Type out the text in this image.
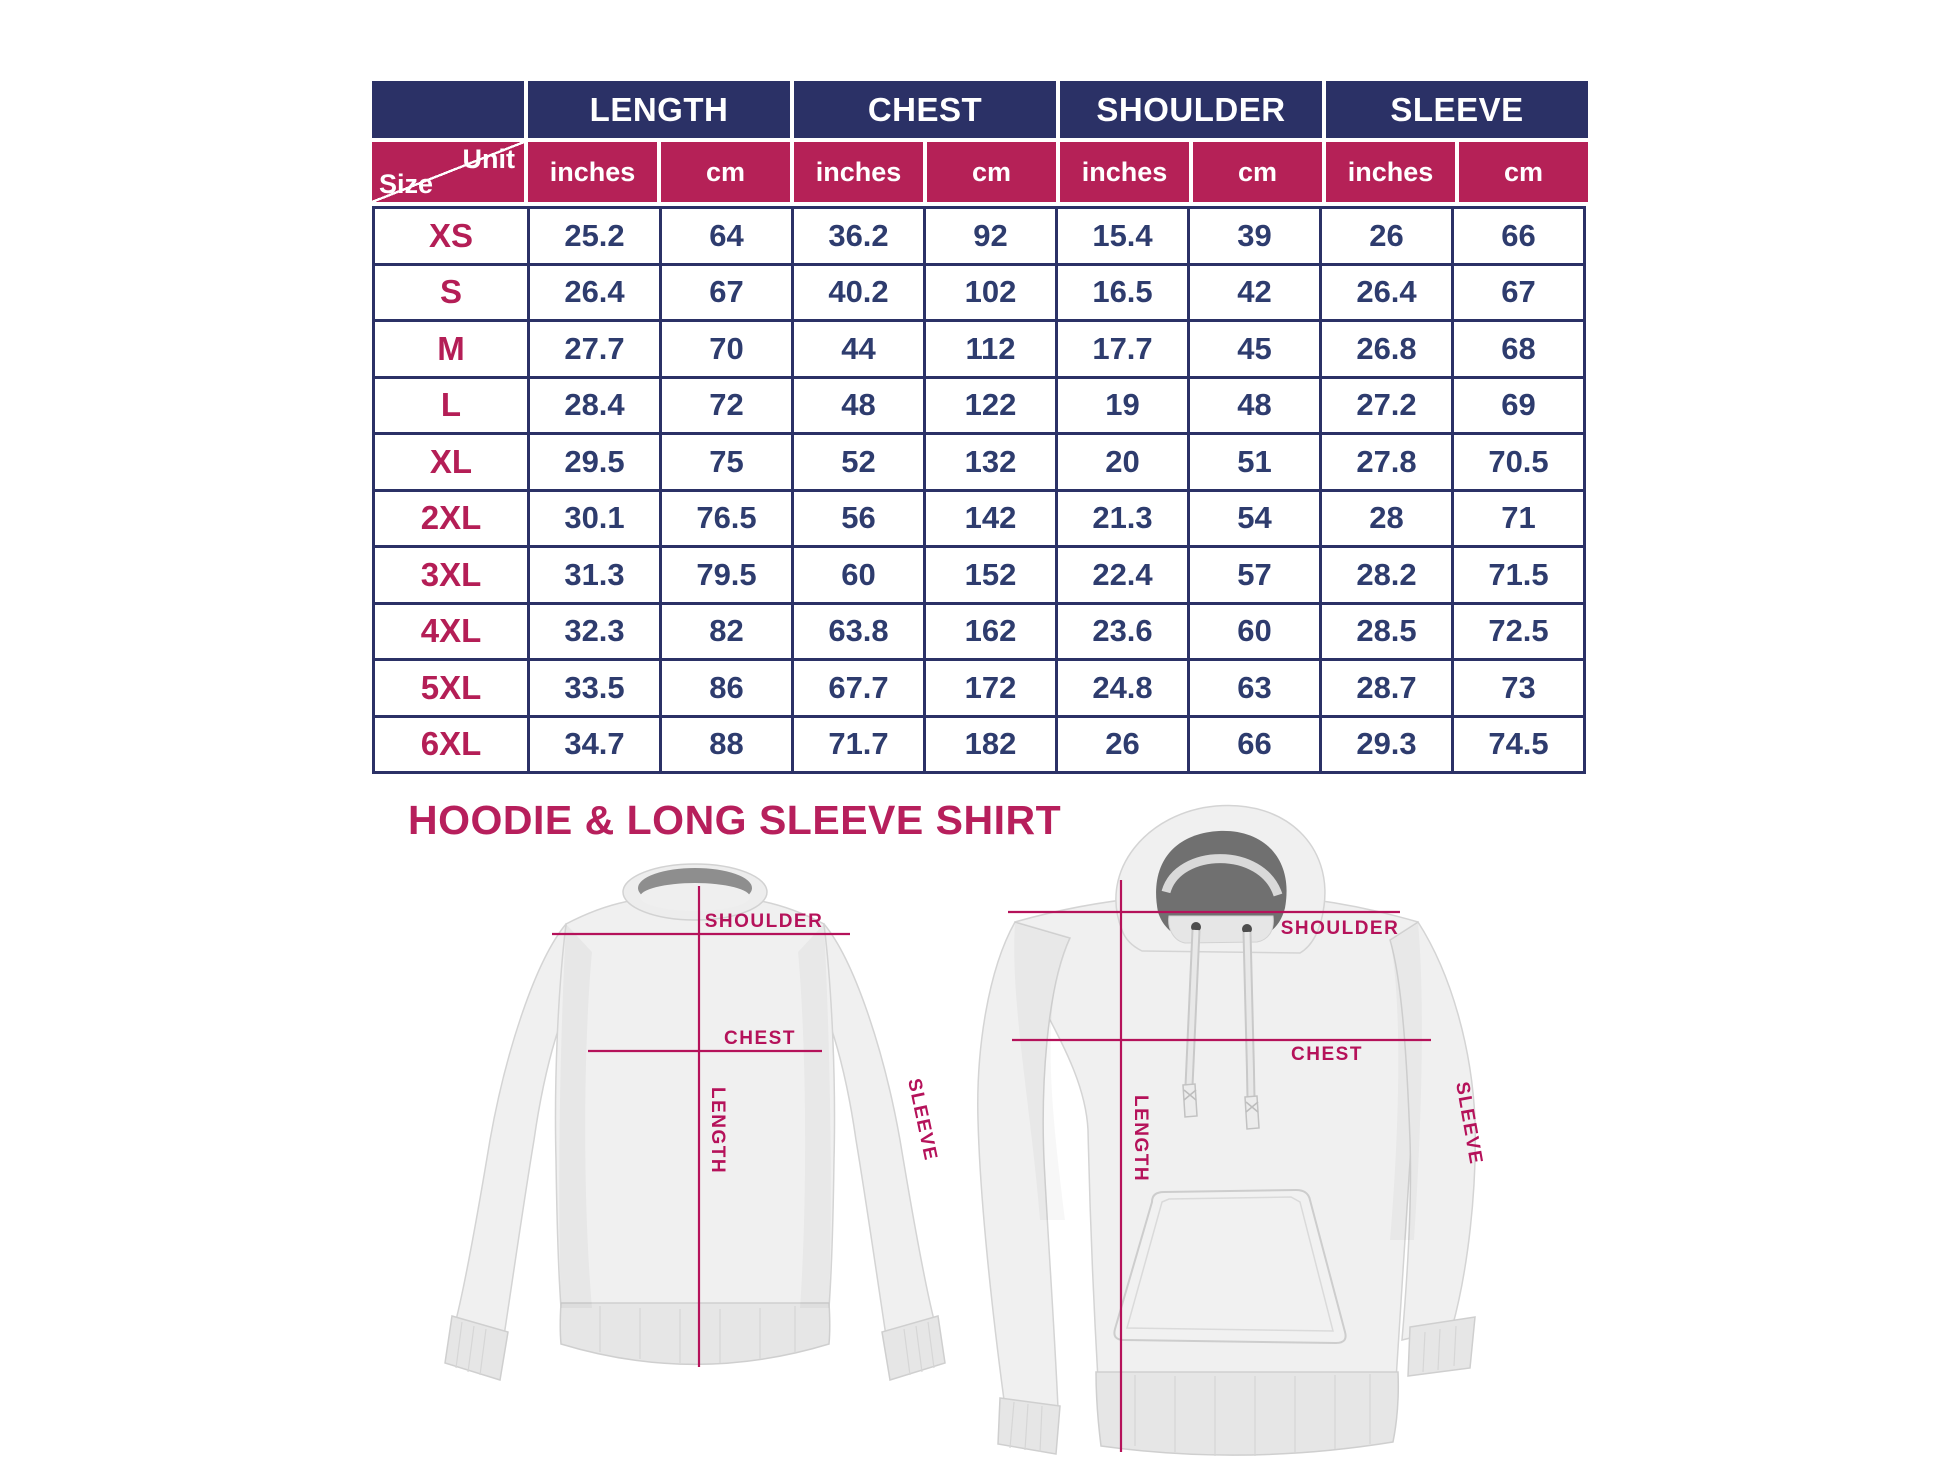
LENGTH	CHEST	SHOULDER	SLEEVE
Unit
Size	inches	cm	inches	cm	inches	cm	inches	cm
XS	25.2	64	36.2	92	15.4	39	26	66
S	26.4	67	40.2	102	16.5	42	26.4	67
M	27.7	70	44	112	17.7	45	26.8	68
L	28.4	72	48	122	19	48	27.2	69
XL	29.5	75	52	132	20	51	27.8	70.5
2XL	30.1	76.5	56	142	21.3	54	28	71
3XL	31.3	79.5	60	152	22.4	57	28.2	71.5
4XL	32.3	82	63.8	162	23.6	60	28.5	72.5
5XL	33.5	86	67.7	172	24.8	63	28.7	73
6XL	34.7	88	71.7	182	26	66	29.3	74.5
HOODIE & LONG SLEEVE SHIRT
SHOULDER
CHEST
LENGTH	SLEEVE
SHOULDER
CHEST
LENGTH	SLEEVE
